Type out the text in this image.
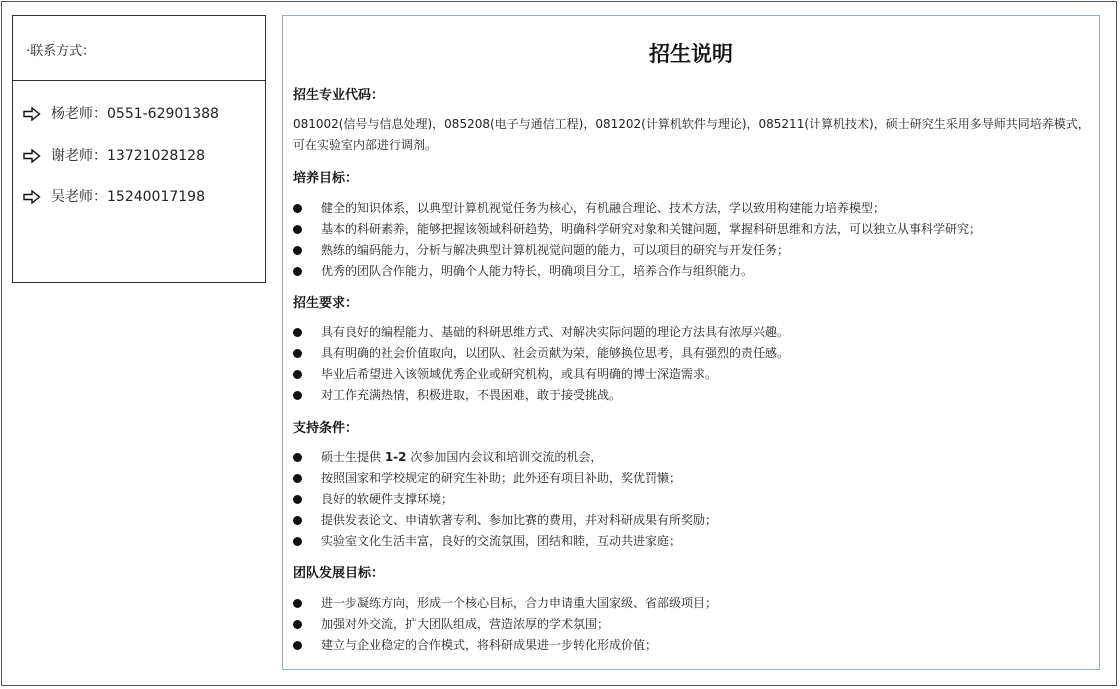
·联系方式：
杨老师：0551-62901388
谢老师：13721028128
吴老师：15240017198
招生说明
招生专业代码：
081002(信号与信息处理)，085208(电子与通信工程)，081202(计算机软件与理论)，085211(计算机技术)，硕士研究生采用多导师共同培养模式，可在实验室内部进行调剂。
培养目标：
健全的知识体系，以典型计算机视觉任务为核心，有机融合理论、技术方法，学以致用构建能力培养模型；
基本的科研素养，能够把握该领域科研趋势，明确科学研究对象和关键问题，掌握科研思维和方法，可以独立从事科学研究；
熟练的编码能力，分析与解决典型计算机视觉问题的能力，可以项目的研究与开发任务；
优秀的团队合作能力，明确个人能力特长，明确项目分工，培养合作与组织能力。
招生要求：
具有良好的编程能力、基础的科研思维方式、对解决实际问题的理论方法具有浓厚兴趣。
具有明确的社会价值取向，以团队、社会贡献为荣，能够换位思考，具有强烈的责任感。
毕业后希望进入该领域优秀企业或研究机构，或具有明确的博士深造需求。
对工作充满热情，积极进取，不畏困难，敢于接受挑战。
支持条件：
硕士生提供 1-2 次参加国内会议和培训交流的机会，
按照国家和学校规定的研究生补助；此外还有项目补助，奖优罚懒；
良好的软硬件支撑环境；
提供发表论文、申请软著专利、参加比赛的费用，并对科研成果有所奖励；
实验室文化生活丰富，良好的交流氛围，团结和睦，互动共进家庭；
团队发展目标：
进一步凝练方向，形成一个核心目标，合力申请重大国家级、省部级项目；
加强对外交流，扩大团队组成，营造浓厚的学术氛围；
建立与企业稳定的合作模式，将科研成果进一步转化形成价值；
